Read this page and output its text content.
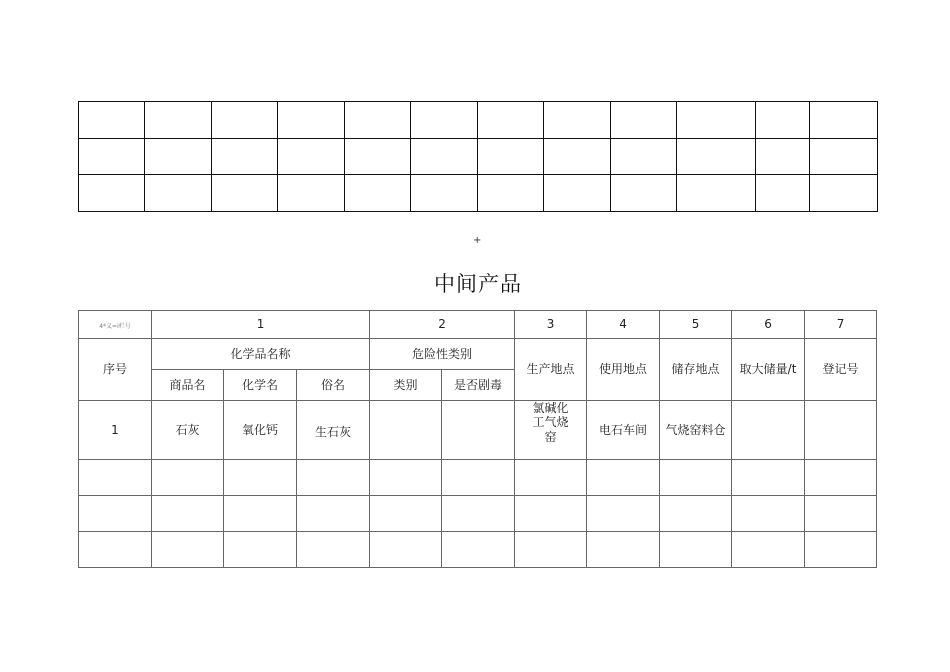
+
中间产品
4*义=i栏号	1			2		3	4	5	6	7
序号	化学品名称			危险性类别		生产地点	使用地点	储存地点	取大储量/t	登记号
	商品名	化学名	俗名	类别	是否剧毒					
1	石灰	氧化钙	生石灰			氯碱化工气烧窑	电石车间	气烧窑料仓		
